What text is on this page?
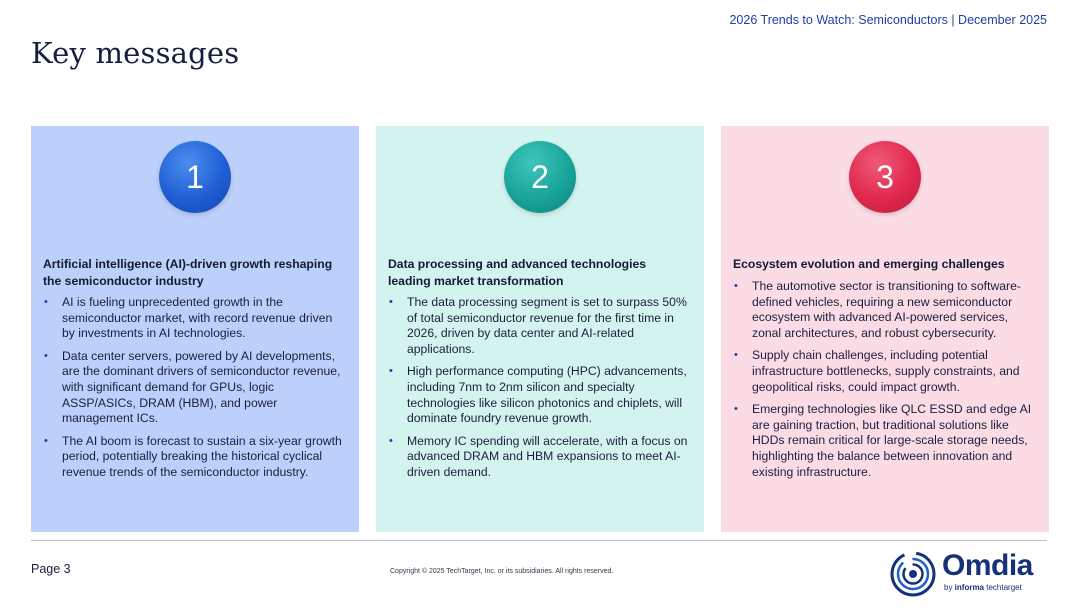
2026 Trends to Watch: Semiconductors | December 2025
Key messages
1
Artificial intelligence (AI)-driven growth reshaping the semiconductor industry
• AI is fueling unprecedented growth in the semiconductor market, with record revenue driven by investments in AI technologies.
• Data center servers, powered by AI developments, are the dominant drivers of semiconductor revenue, with significant demand for GPUs, logic ASSP/ASICs, DRAM (HBM), and power management ICs.
• The AI boom is forecast to sustain a six-year growth period, potentially breaking the historical cyclical revenue trends of the semiconductor industry.
2
Data processing and advanced technologies leading market transformation
• The data processing segment is set to surpass 50% of total semiconductor revenue for the first time in 2026, driven by data center and AI-related applications.
• High performance computing (HPC) advancements, including 7nm to 2nm silicon and specialty technologies like silicon photonics and chiplets, will dominate foundry revenue growth.
• Memory IC spending will accelerate, with a focus on advanced DRAM and HBM expansions to meet AI-driven demand.
3
Ecosystem evolution and emerging challenges
• The automotive sector is transitioning to software-defined vehicles, requiring a new semiconductor ecosystem with advanced AI-powered services, zonal architectures, and robust cybersecurity.
• Supply chain challenges, including potential infrastructure bottlenecks, supply constraints, and geopolitical risks, could impact growth.
• Emerging technologies like QLC ESSD and edge AI are gaining traction, but traditional solutions like HDDs remain critical for large-scale storage needs, highlighting the balance between innovation and existing infrastructure.
Page 3	Copyright © 2025 TechTarget, Inc. or its subsidiaries. All rights reserved.	Omdia
by informa techtarget
